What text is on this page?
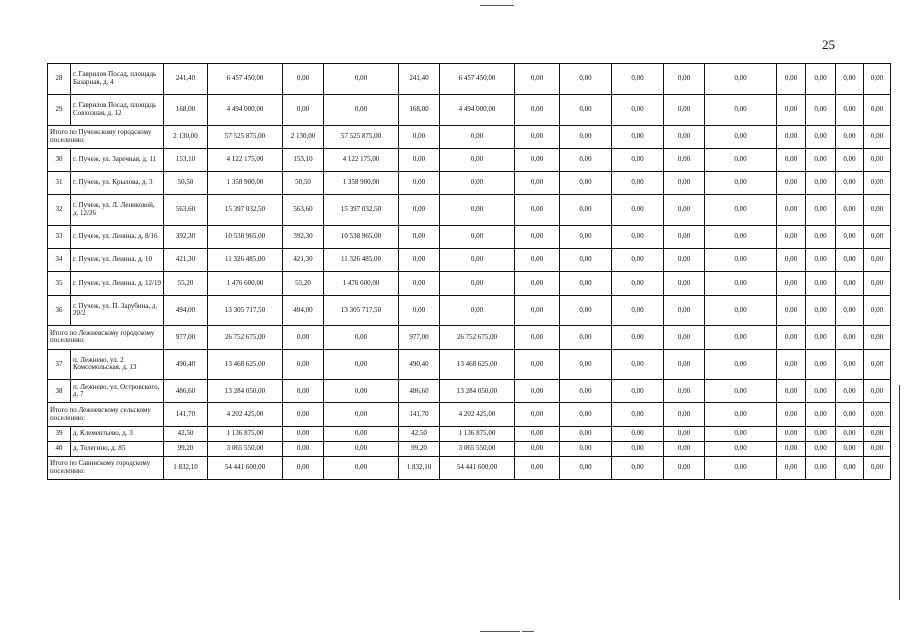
25
28	г. Гаврилов Посад, площадь Базарная, д. 4	241,40	6 457 450,00	0,00	0,00	241,40	6 457 450,00	0,00	0,00	0,00	0,00	0,00	0,00	0,00	0,00	0,00
29	г. Гаврилов Посад, площадь Совхозная, д. 12	168,00	4 494 000,00	0,00	0,00	168,00	4 494 000,00	0,00	0,00	0,00	0,00	0,00	0,00	0,00	0,00	0,00
Итого по Пучежскому городскому поселению:		2 130,00	57 525 875,00	2 130,00	57 525 875,00	0,00	0,00	0,00	0,00	0,00	0,00	0,00	0,00	0,00	0,00	0,00
30	г. Пучеж, ул. Заречная, д. 11	153,10	4 122 175,00	153,10	4 122 175,00	0,00	0,00	0,00	0,00	0,00	0,00	0,00	0,00	0,00	0,00	0,00
31	г. Пучеж, ул. Крылова, д. 3	50,50	1 358 900,00	50,50	1 358 900,00	0,00	0,00	0,00	0,00	0,00	0,00	0,00	0,00	0,00	0,00	0,00
32	г. Пучеж, ул. Л. Лениковой, д. 12/26	563,60	15 397 032,50	563,60	15 397 032,50	0,00	0,00	0,00	0,00	0,00	0,00	0,00	0,00	0,00	0,00	0,00
33	г. Пучеж, ул. Ленина, д. 8/16	392,30	10 538 965,00	392,30	10 538 965,00	0,00	0,00	0,00	0,00	0,00	0,00	0,00	0,00	0,00	0,00	0,00
34	г. Пучеж, ул. Ленина, д. 10	421,30	11 326 485,00	421,30	11 326 485,00	0,00	0,00	0,00	0,00	0,00	0,00	0,00	0,00	0,00	0,00	0,00
35	г. Пучеж, ул. Ленина, д. 12/19	55,20	1 476 600,00	55,20	1 476 600,00	0,00	0,00	0,00	0,00	0,00	0,00	0,00	0,00	0,00	0,00	0,00
36	г. Пучеж, ул. П. Зарубина, д. 20/2	494,00	13 305 717,50	494,00	13 305 717,50	0,00	0,00	0,00	0,00	0,00	0,00	0,00	0,00	0,00	0,00	0,00
Итого по Лежневскому городскому поселению:		977,00	26 752 675,00	0,00	0,00	977,00	26 752 675,00	0,00	0,00	0,00	0,00	0,00	0,00	0,00	0,00	0,00
37	п. Лежнево, ул. 2 Комсомольская, д. 13	490,40	13 468 625,00	0,00	0,00	490,40	13 468 625,00	0,00	0,00	0,00	0,00	0,00	0,00	0,00	0,00	0,00
38	п. Лежнево, ул. Островского, д. 7	486,60	13 284 050,00	0,00	0,00	486,60	13 284 050,00	0,00	0,00	0,00	0,00	0,00	0,00	0,00	0,00	0,00
Итого по Лежневскому сельскому поселению:		141,70	4 202 425,00	0,00	0,00	141,70	4 202 425,00	0,00	0,00	0,00	0,00	0,00	0,00	0,00	0,00	0,00
39	д. Клементьево, д. 3	42,50	1 136 875,00	0,00	0,00	42,50	1 136 875,00	0,00	0,00	0,00	0,00	0,00	0,00	0,00	0,00	0,00
40	д. Телегино, д. 85	99,20	3 065 550,00	0,00	0,00	99,20	3 065 550,00	0,00	0,00	0,00	0,00	0,00	0,00	0,00	0,00	0,00
Итого по Савинскому городскому поселению:		1 832,10	54 441 600,00	0,00	0,00	1 832,10	54 441 600,00	0,00	0,00	0,00	0,00	0,00	0,00	0,00	0,00	0,00
